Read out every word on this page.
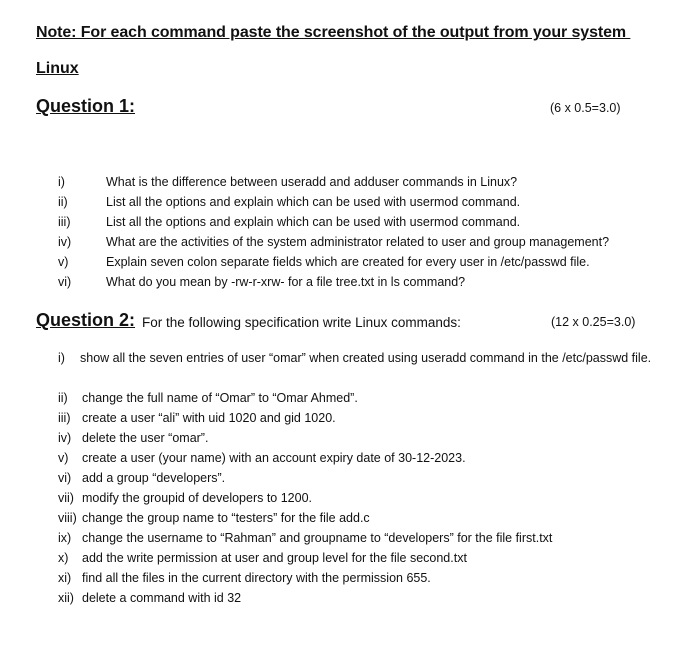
Note: For each command paste the screenshot of the output from your system
Linux
Question 1:	(6 x 0.5=3.0)
i)	What is the difference between useradd and adduser commands in Linux?
ii)	List all the options and explain which can be used with usermod command.
iii)	List all the options and explain which can be used with usermod command.
iv)	What are the activities of the system administrator related to user and group management?
v)	Explain seven colon separate fields which are created for every user in /etc/passwd file.
vi)	What do you mean by -rw-r-xrw- for a file tree.txt in ls command?
Question 2: For the following specification write Linux commands:	(12 x 0.25=3.0)
i) show all the seven entries of user “omar” when created using useradd command in the /etc/passwd file.
ii) change the full name of “Omar” to “Omar Ahmed”.
iii) create a user “ali” with uid 1020 and gid 1020.
iv) delete the user “omar”.
v) create a user (your name) with an account expiry date of 30-12-2023.
vi) add a group “developers”.
vii) modify the groupid of developers to 1200.
viii) change the group name to “testers” for the file add.c
ix) change the username to “Rahman” and groupname to “developers” for the file first.txt
x) add the write permission at user and group level for the file second.txt
xi) find all the files in the current directory with the permission 655.
xii) delete a command with id 32
